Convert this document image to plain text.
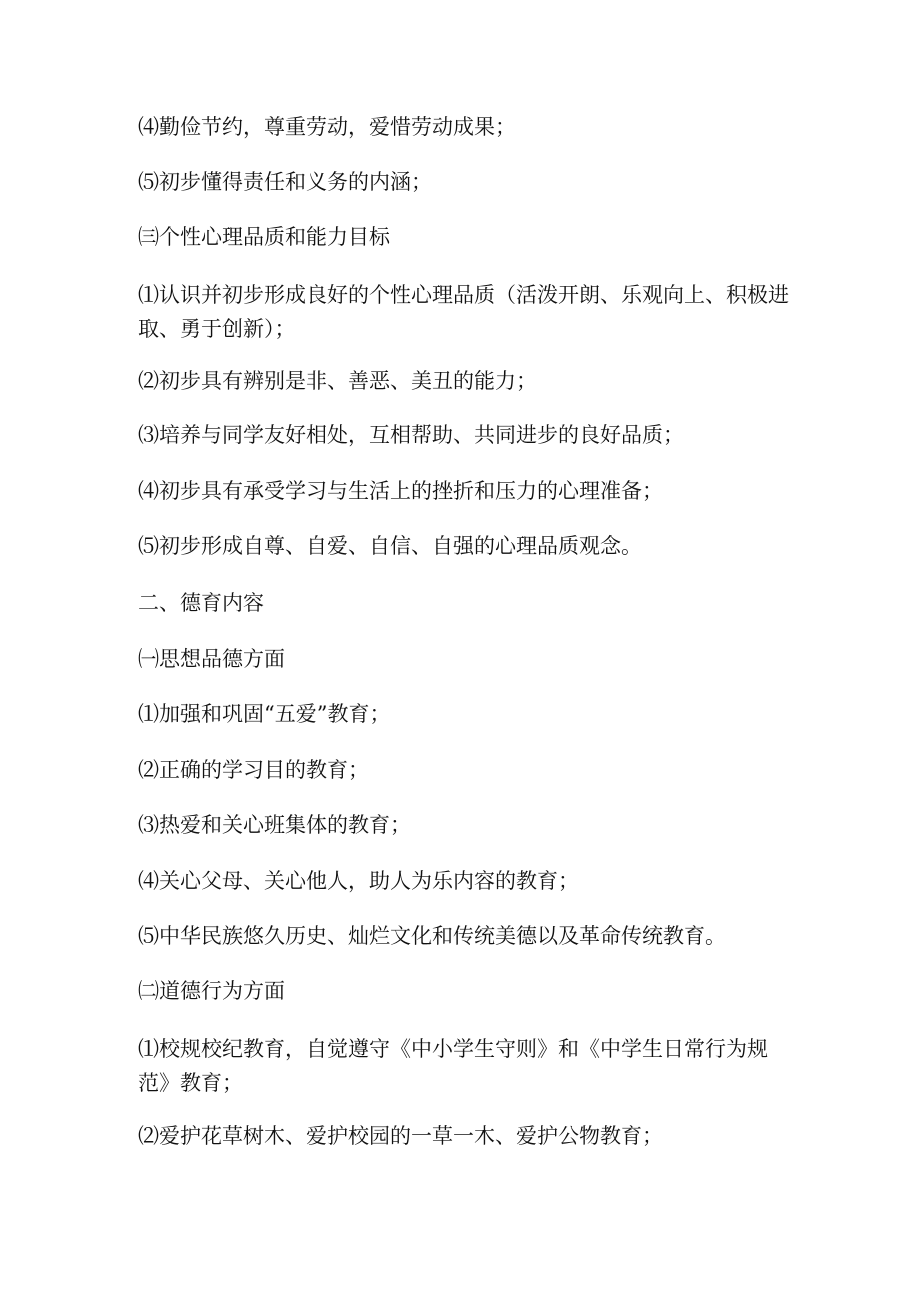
⑷勤俭节约，尊重劳动，爱惜劳动成果；

⑸初步懂得责任和义务的内涵；

㈢个性心理品质和能力目标

⑴认识并初步形成良好的个性心理品质（活泼开朗、乐观向上、积极进取、勇于创新）；

⑵初步具有辨别是非、善恶、美丑的能力；

⑶培养与同学友好相处，互相帮助、共同进步的良好品质；

⑷初步具有承受学习与生活上的挫折和压力的心理准备；

⑸初步形成自尊、自爱、自信、自强的心理品质观念。

二、德育内容

㈠思想品德方面

⑴加强和巩固“五爱”教育；

⑵正确的学习目的教育；

⑶热爱和关心班集体的教育；

⑷关心父母、关心他人，助人为乐内容的教育；

⑸中华民族悠久历史、灿烂文化和传统美德以及革命传统教育。

㈡道德行为方面

⑴校规校纪教育，自觉遵守《中小学生守则》和《中学生日常行为规范》教育；

⑵爱护花草树木、爱护校园的一草一木、爱护公物教育；
